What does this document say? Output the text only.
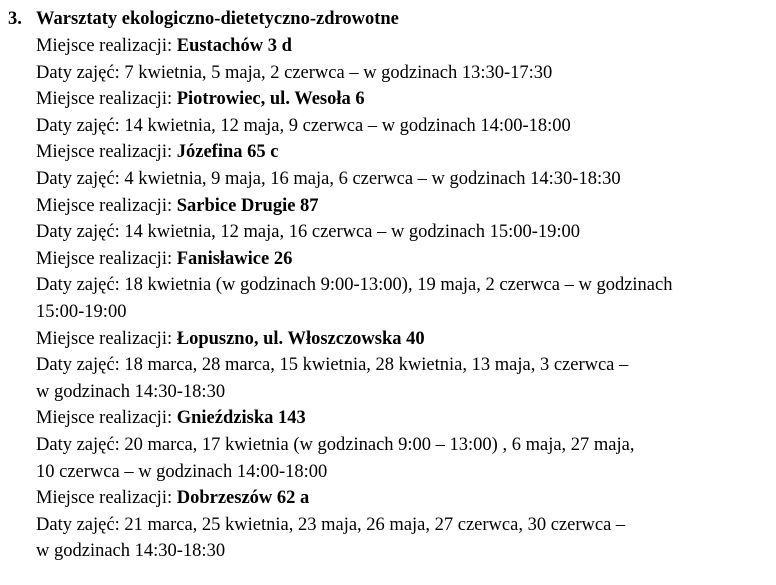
3. Warsztaty ekologiczno-dietetyczno-zdrowotne
Miejsce realizacji: Eustachów 3 d
Daty zajęć: 7 kwietnia, 5 maja, 2 czerwca – w godzinach 13:30-17:30
Miejsce realizacji: Piotrowiec, ul. Wesoła 6
Daty zajęć: 14 kwietnia, 12 maja, 9 czerwca – w godzinach 14:00-18:00
Miejsce realizacji: Józefina 65 c
Daty zajęć: 4 kwietnia, 9 maja, 16 maja, 6 czerwca – w godzinach 14:30-18:30
Miejsce realizacji: Sarbice Drugie 87
Daty zajęć: 14 kwietnia, 12 maja, 16 czerwca – w godzinach 15:00-19:00
Miejsce realizacji: Fanisławice 26
Daty zajęć: 18 kwietnia (w godzinach 9:00-13:00), 19 maja, 2 czerwca – w godzinach
15:00-19:00
Miejsce realizacji: Łopuszno, ul. Włoszczowska 40
Daty zajęć: 18 marca, 28 marca, 15 kwietnia, 28 kwietnia, 13 maja, 3 czerwca –
w godzinach 14:30-18:30
Miejsce realizacji: Gnieździska 143
Daty zajęć: 20 marca, 17 kwietnia (w godzinach 9:00 – 13:00) , 6 maja, 27 maja,
10 czerwca – w godzinach 14:00-18:00
Miejsce realizacji: Dobrzeszów 62 a
Daty zajęć: 21 marca, 25 kwietnia, 23 maja, 26 maja, 27 czerwca, 30 czerwca –
w godzinach 14:30-18:30
